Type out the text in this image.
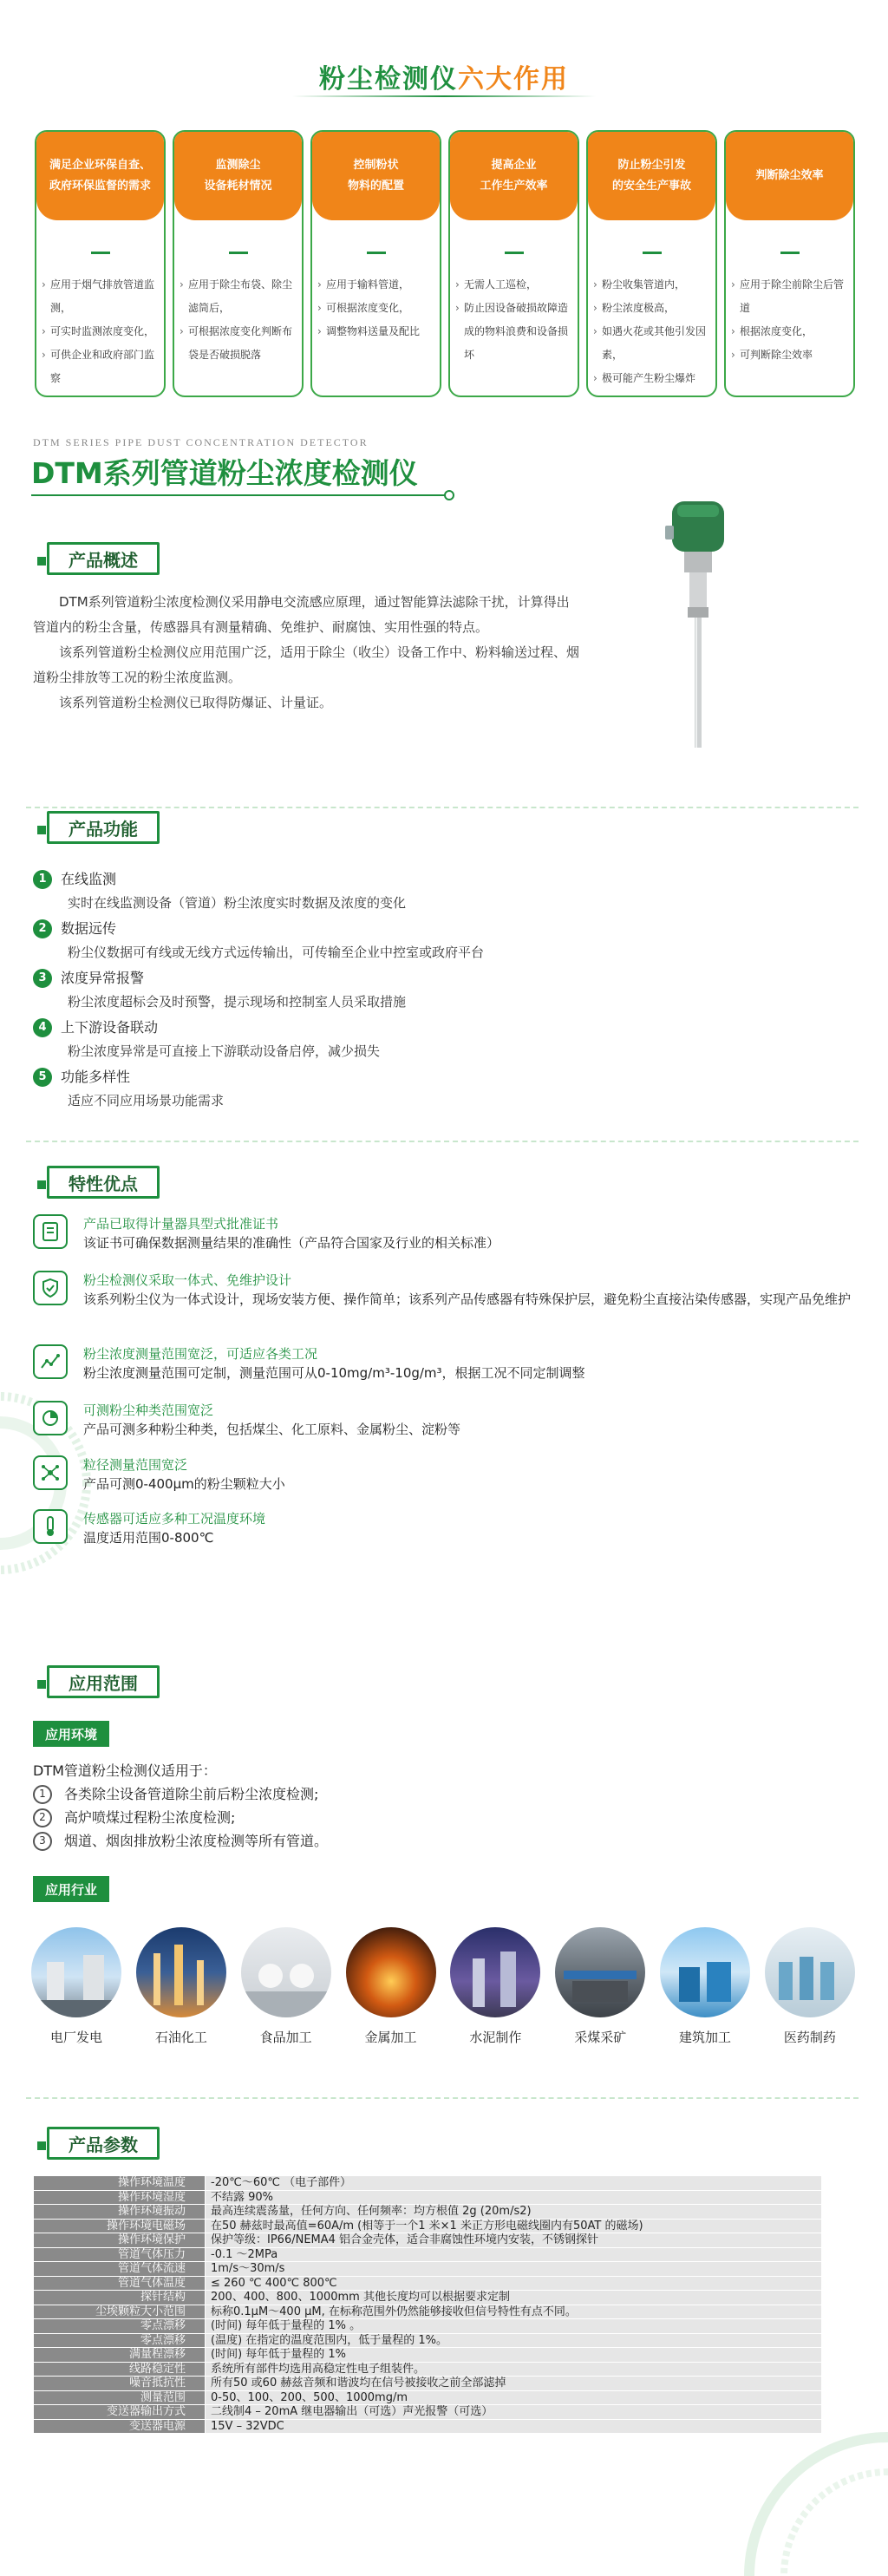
粉尘检测仪六大作用
满足企业环保自查、
政府环保监督的需求
› 应用于烟气排放管道监测，
› 可实时监测浓度变化，
› 可供企业和政府部门监察
监测除尘
设备耗材情况
› 应用于除尘布袋、除尘滤筒后，
› 可根据浓度变化判断布袋是否破损脱落
控制粉状
物料的配置
› 应用于输料管道，
› 可根据浓度变化，
› 调整物料送量及配比
提高企业
工作生产效率
› 无需人工巡检，
› 防止因设备破损故障造成的物料浪费和设备损坏
防止粉尘引发
的安全生产事故
› 粉尘收集管道内，
› 粉尘浓度极高，
› 如遇火花或其他引发因素，
› 极可能产生粉尘爆炸
判断除尘效率
› 应用于除尘前除尘后管道
› 根据浓度变化，
› 可判断除尘效率
DTM SERIES PIPE DUST CONCENTRATION DETECTOR
DTM系列管道粉尘浓度检测仪
产品概述

DTM系列管道粉尘浓度检测仪采用静电交流感应原理，通过智能算法滤除干扰，计算得出管道内的粉尘含量，传感器具有测量精确、免维护、耐腐蚀、实用性强的特点。

该系列管道粉尘检测仪应用范围广泛，适用于除尘（收尘）设备工作中、粉料输送过程、烟道粉尘排放等工况的粉尘浓度监测。

该系列管道粉尘检测仪已取得防爆证、计量证。

产品功能
1	在线监测
实时在线监测设备（管道）粉尘浓度实时数据及浓度的变化
2	数据远传
粉尘仪数据可有线或无线方式远传输出，可传输至企业中控室或政府平台
3	浓度异常报警
粉尘浓度超标会及时预警，提示现场和控制室人员采取措施
4	上下游设备联动
粉尘浓度异常是可直接上下游联动设备启停，减少损失
5	功能多样性
适应不同应用场景功能需求
特性优点
产品已取得计量器具型式批准证书
该证书可确保数据测量结果的准确性（产品符合国家及行业的相关标准）
粉尘检测仪采取一体式、免维护设计
该系列粉尘仪为一体式设计，现场安装方便、操作简单；该系列产品传感器有特殊保护层，避免粉尘直接沾染传感器，实现产品免维护
粉尘浓度测量范围宽泛，可适应各类工况
粉尘浓度测量范围可定制，测量范围可从0-10mg/m³-10g/m³，根据工况不同定制调整
可测粉尘种类范围宽泛
产品可测多种粉尘种类，包括煤尘、化工原料、金属粉尘、淀粉等
粒径测量范围宽泛
产品可测0-400μm的粉尘颗粒大小
传感器可适应多种工况温度环境
温度适用范围0-800℃
应用范围
应用环境
DTM管道粉尘检测仪适用于：
1	各类除尘设备管道除尘前后粉尘浓度检测;
2	高炉喷煤过程粉尘浓度检测;
3	烟道、烟囱排放粉尘浓度检测等所有管道。
应用行业
电厂发电	石油化工	食品加工	金属加工	水泥制作	采煤采矿	建筑加工	医药制药
产品参数
操作环境温度	-20℃～60℃ （电子部件）
操作环境湿度	不结露 90%
操作环境振动	最高连续震荡量，任何方向、任何频率：均方根值 2g (20m/s2)
操作环境电磁场	在50 赫兹时最高值=60A/m (相等于一个1 米×1 米正方形电磁线圈内有50AT 的磁场)
操作环境保护	保护等级：IP66/NEMA4 铝合金壳体，适合非腐蚀性环境内安装，不锈钢探针
管道气体压力	-0.1 ～2MPa
管道气体流速	1m/s～30m/s
管道气体温度	≤ 260 ℃ 400℃ 800℃
探针结构	200、400、800、1000mm 其他长度均可以根据要求定制
尘埃颗粒大小范围	标称0.1μM～400 μM, 在标称范围外仍然能够接收但信号特性有点不同。
零点漂移	(时间) 每年低于量程的 1% 。
零点漂移	(温度) 在指定的温度范围内，低于量程的 1%。
满量程漂移	(时间) 每年低于量程的 1%
线路稳定性	系统所有部件均选用高稳定性电子组装件。
噪音抵抗性	所有50 或60 赫兹音频和谐波均在信号被接收之前全部滤掉
测量范围	0-50、100、200、500、1000mg/m
变送器输出方式	二线制4 – 20mA 继电器输出（可选）声光报警（可选）
变送器电源	15V – 32VDC
